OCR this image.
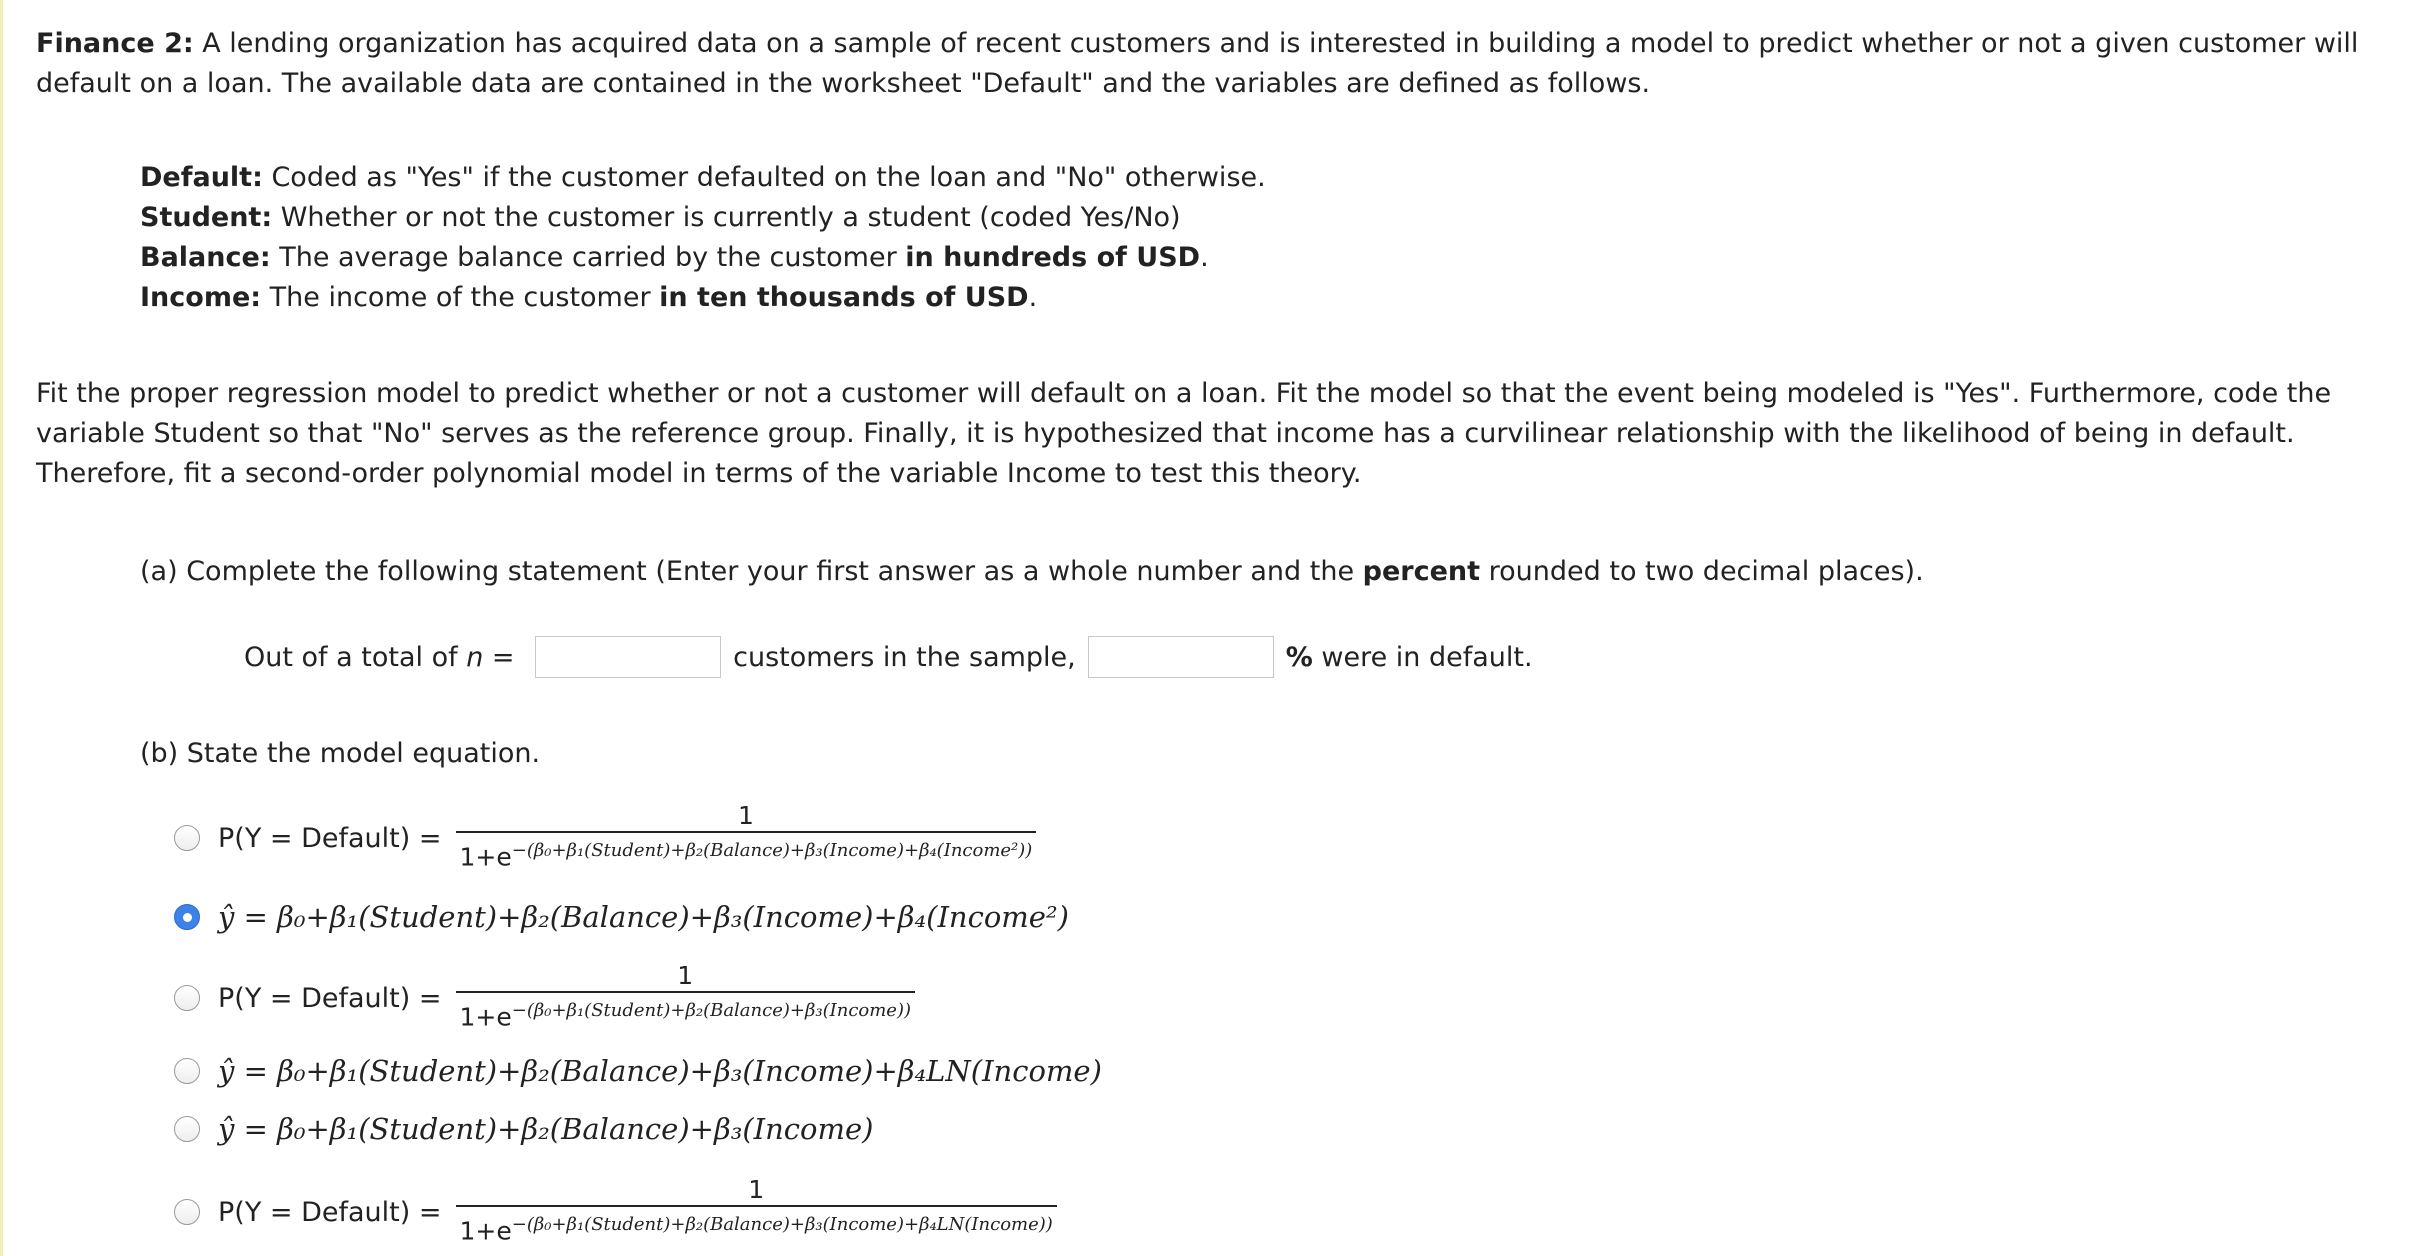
Finance 2: A lending organization has acquired data on a sample of recent customers and is interested in building a model to predict whether or not a given customer will default on a loan. The available data are contained in the worksheet "Default" and the variables are defined as follows.

Default: Coded as "Yes" if the customer defaulted on the loan and "No" otherwise.
Student: Whether or not the customer is currently a student (coded Yes/No)
Balance: The average balance carried by the customer in hundreds of USD.
Income: The income of the customer in ten thousands of USD.

Fit the proper regression model to predict whether or not a customer will default on a loan. Fit the model so that the event being modeled is "Yes". Furthermore, code the variable Student so that "No" serves as the reference group. Finally, it is hypothesized that income has a curvilinear relationship with the likelihood of being in default. Therefore, fit a second-order polynomial model in terms of the variable Income to test this theory.

(a) Complete the following statement (Enter your first answer as a whole number and the percent rounded to two decimal places).

Out of a total of n =	customers in the sample,	% were in default.

(b) State the model equation.

P(Y = Default) = $\frac{1}{1+e^{-(\beta_0+\beta_1(Student)+\beta_2(Balance)+\beta_3(Income)+\beta_4(Income^2))}}$
ŷ = β₀+β₁(Student)+β₂(Balance)+β₃(Income)+β₄(Income²)
P(Y = Default) = $\frac{1}{1+e^{-(\beta_0+\beta_1(Student)+\beta_2(Balance)+\beta_3(Income))}}$
ŷ = β₀+β₁(Student)+β₂(Balance)+β₃(Income)+β₄LN(Income)
ŷ = β₀+β₁(Student)+β₂(Balance)+β₃(Income)
P(Y = Default) = $\frac{1}{1+e^{-(\beta_0+\beta_1(Student)+\beta_2(Balance)+\beta_3(Income)+\beta_4LN(Income))}}$
